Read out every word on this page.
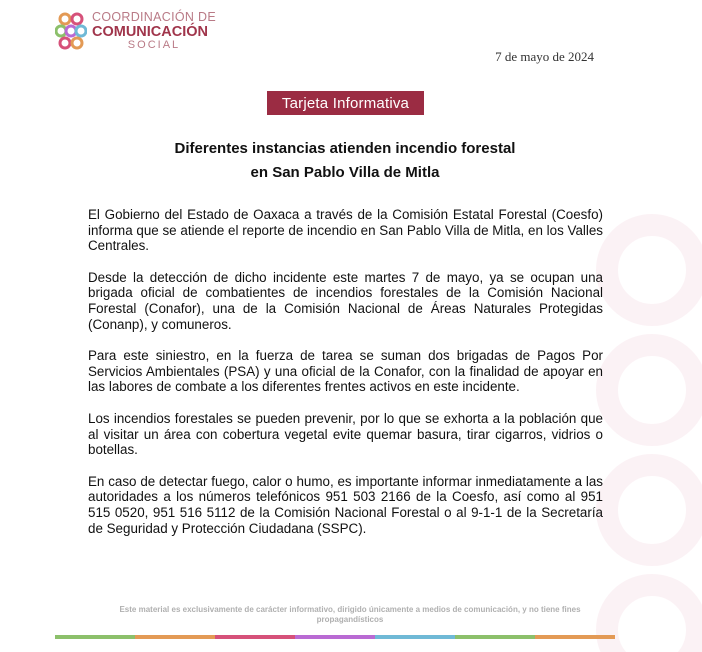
COORDINACIÓN DE
COMUNICACIÓN
SOCIAL
7 de mayo de 2024
Tarjeta Informativa
Diferentes instancias atienden incendio forestal
en San Pablo Villa de Mitla

El Gobierno del Estado de Oaxaca a través de la Comisión Estatal Forestal (Coesfo) informa que se atiende el reporte de incendio en San Pablo Villa de Mitla, en los Valles Centrales.

Desde la detección de dicho incidente este martes 7 de mayo, ya se ocupan una brigada oficial de combatientes de incendios forestales de la Comisión Nacional Forestal (Conafor), una de la Comisión Nacional de Áreas Naturales Protegidas (Conanp), y comuneros.

Para este siniestro, en la fuerza de tarea se suman dos brigadas de Pagos Por Servicios Ambientales (PSA) y una oficial de la Conafor, con la finalidad de apoyar en las labores de combate a los diferentes frentes activos en este incidente.

Los incendios forestales se pueden prevenir, por lo que se exhorta a la población que al visitar un área con cobertura vegetal evite quemar basura, tirar cigarros, vidrios o botellas.

En caso de detectar fuego, calor o humo, es importante informar inmediatamente a las autoridades a los números telefónicos 951 503 2166 de la Coesfo, así como al 951 515 0520, 951 516 5112 de la Comisión Nacional Forestal o al 9-1-1 de la Secretaría de Seguridad y Protección Ciudadana (SSPC).

Este material es exclusivamente de carácter informativo, dirigido únicamente a medios de comunicación, y no tiene fines
propagandísticos
